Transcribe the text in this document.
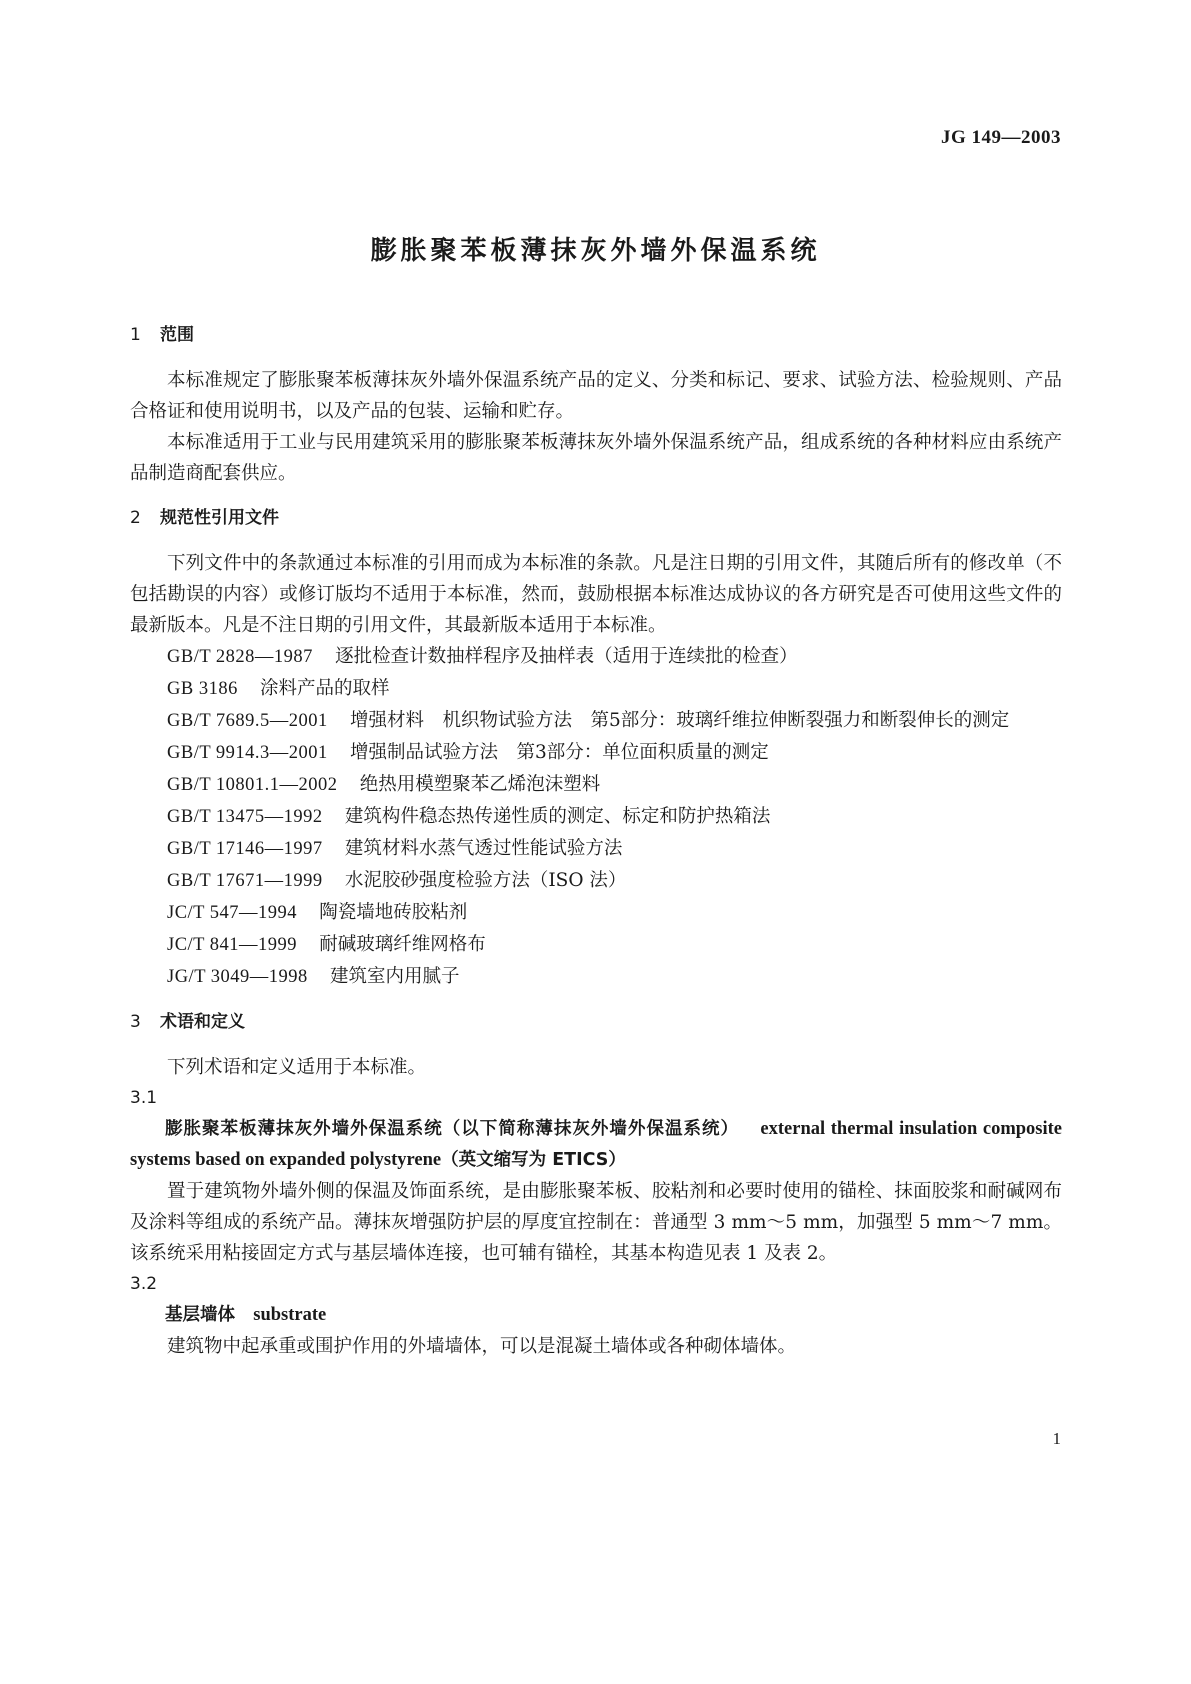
JG 149—2003
膨胀聚苯板薄抹灰外墙外保温系统
1 范围

本标准规定了膨胀聚苯板薄抹灰外墙外保温系统产品的定义、分类和标记、要求、试验方法、检验规则、产品合格证和使用说明书，以及产品的包装、运输和贮存。

本标准适用于工业与民用建筑采用的膨胀聚苯板薄抹灰外墙外保温系统产品，组成系统的各种材料应由系统产品制造商配套供应。

2 规范性引用文件

下列文件中的条款通过本标准的引用而成为本标准的条款。凡是注日期的引用文件，其随后所有的修改单（不包括勘误的内容）或修订版均不适用于本标准，然而，鼓励根据本标准达成协议的各方研究是否可使用这些文件的最新版本。凡是不注日期的引用文件，其最新版本适用于本标准。

GB/T 2828—1987 逐批检查计数抽样程序及抽样表（适用于连续批的检查）

GB 3186 涂料产品的取样

GB/T 7689.5—2001 增强材料　机织物试验方法　第5部分：玻璃纤维拉伸断裂强力和断裂伸长的测定

GB/T 9914.3—2001 增强制品试验方法　第3部分：单位面积质量的测定

GB/T 10801.1—2002 绝热用模塑聚苯乙烯泡沫塑料

GB/T 13475—1992 建筑构件稳态热传递性质的测定、标定和防护热箱法

GB/T 17146—1997 建筑材料水蒸气透过性能试验方法

GB/T 17671—1999 水泥胶砂强度检验方法（ISO 法）

JC/T 547—1994 陶瓷墙地砖胶粘剂

JC/T 841—1999 耐碱玻璃纤维网格布

JG/T 3049—1998 建筑室内用腻子

3 术语和定义

下列术语和定义适用于本标准。

3.1

膨胀聚苯板薄抹灰外墙外保温系统（以下简称薄抹灰外墙外保温系统） external thermal insulation composite systems based on expanded polystyrene（英文缩写为 ETICS）

置于建筑物外墙外侧的保温及饰面系统，是由膨胀聚苯板、胶粘剂和必要时使用的锚栓、抹面胶浆和耐碱网布及涂料等组成的系统产品。薄抹灰增强防护层的厚度宜控制在：普通型 3 mm～5 mm，加强型 5 mm～7 mm。该系统采用粘接固定方式与基层墙体连接，也可辅有锚栓，其基本构造见表 1 及表 2。

3.2

基层墙体 substrate

建筑物中起承重或围护作用的外墙墙体，可以是混凝土墙体或各种砌体墙体。

1
